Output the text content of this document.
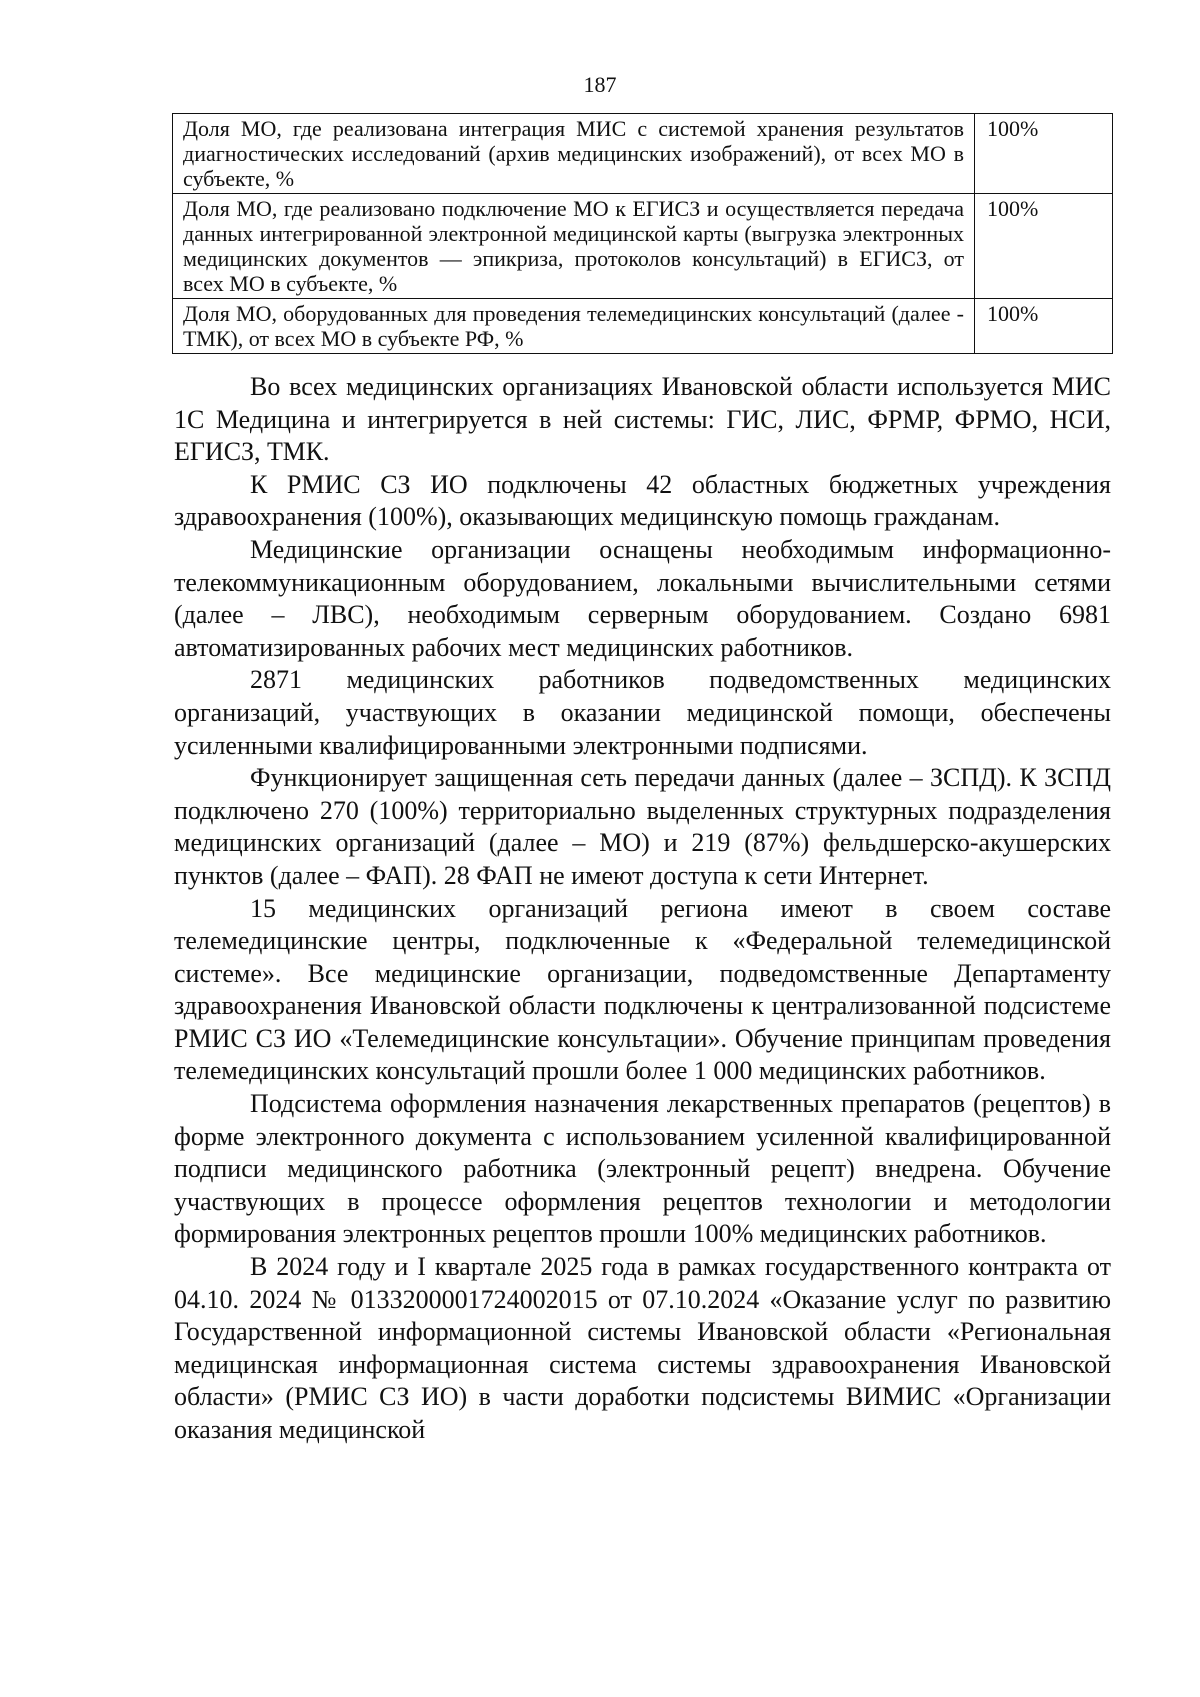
187
Доля МО, где реализована интеграция МИС с системой хранения результатов диагностических исследований (архив медицинских изображений), от всех МО в субъекте, %	100%
Доля МО, где реализовано подключение МО к ЕГИСЗ и осуществляется передача данных интегрированной электронной медицинской карты (выгрузка электронных медицинских документов — эпикриза, протоколов консультаций) в ЕГИСЗ, от всех МО в субъекте, %	100%
Доля МО, оборудованных для проведения телемедицинских консультаций (далее - ТМК), от всех МО в субъекте РФ, %	100%

Во всех медицинских организациях Ивановской области используется МИС 1С Медицина и интегрируется в ней системы: ГИС, ЛИС, ФРМР, ФРМО, НСИ, ЕГИСЗ, ТМК.

К РМИС СЗ ИО подключены 42 областных бюджетных учреждения здравоохранения (100%), оказывающих медицинскую помощь гражданам.

Медицинские организации оснащены необходимым информационно-телекоммуникационным оборудованием, локальными вычислительными сетями (далее – ЛВС), необходимым серверным оборудованием. Создано 6981 автоматизированных рабочих мест медицинских работников.

2871 медицинских работников подведомственных медицинских организаций, участвующих в оказании медицинской помощи, обеспечены усиленными квалифицированными электронными подписями.

Функционирует защищенная сеть передачи данных (далее – ЗСПД). К ЗСПД подключено 270 (100%) территориально выделенных структурных подразделения медицинских организаций (далее – МО) и 219 (87%) фельдшерско-акушерских пунктов (далее – ФАП). 28 ФАП не имеют доступа к сети Интернет.

15 медицинских организаций региона имеют в своем составе телемедицинские центры, подключенные к «Федеральной телемедицинской системе». Все медицинские организации, подведомственные Департаменту здравоохранения Ивановской области подключены к централизованной подсистеме РМИС СЗ ИО «Телемедицинские консультации». Обучение принципам проведения телемедицинских консультаций прошли более 1 000 медицинских работников.

Подсистема оформления назначения лекарственных препаратов (рецептов) в форме электронного документа с использованием усиленной квалифицированной подписи медицинского работника (электронный рецепт) внедрена. Обучение участвующих в процессе оформления рецептов технологии и методологии формирования электронных рецептов прошли 100% медицинских работников.

В 2024 году и I квартале 2025 года в рамках государственного контракта от 04.10. 2024 № 0133200001724002015 от 07.10.2024 «Оказание услуг по развитию Государственной информационной системы Ивановской области «Региональная медицинская информационная система системы здравоохранения Ивановской области» (РМИС СЗ ИО) в части доработки подсистемы ВИМИС «Организации оказания медицинской
